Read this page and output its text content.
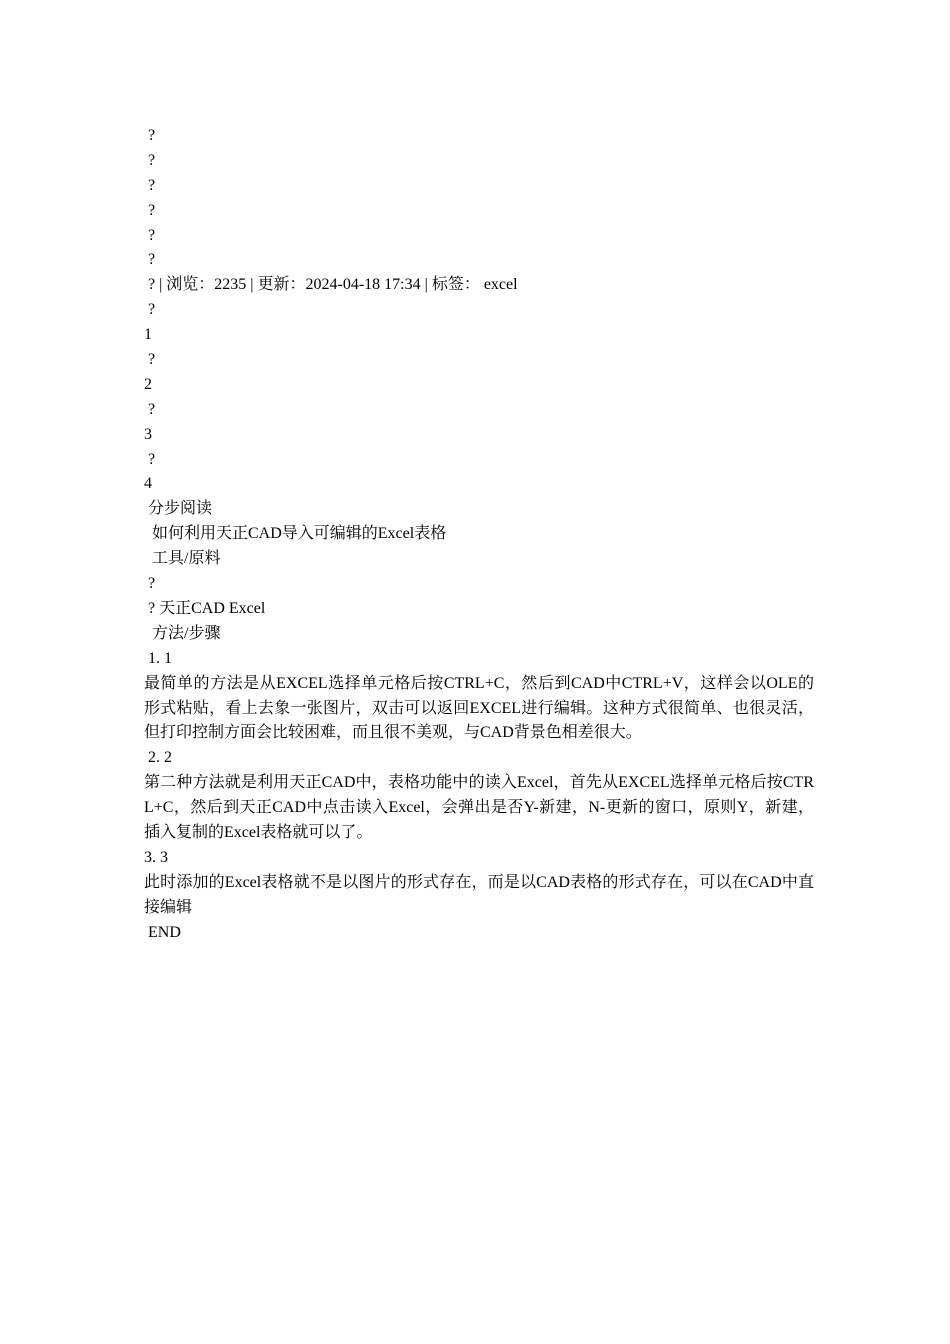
?
?
?
?
?
?
? | 浏览：2235 | 更新：2024-04-18 17:34 | 标签： excel
?
1
?
2
?
3
?
4
分步阅读
如何利用天正CAD导入可编辑的Excel表格
工具/原料
?
? 天正CAD Excel
方法/步骤
1. 1
最简单的方法是从EXCEL选择单元格后按CTRL+C，然后到CAD中CTRL+V，这样会以OLE的形式粘贴，看上去象一张图片，双击可以返回EXCEL进行编辑。这种方式很简单、也很灵活，但打印控制方面会比较困难，而且很不美观，与CAD背景色相差很大。
2. 2
第二种方法就是利用天正CAD中，表格功能中的读入Excel，首先从EXCEL选择单元格后按CTRL+C，然后到天正CAD中点击读入Excel，会弹出是否Y-新建，N-更新的窗口，原则Y，新建，插入复制的Excel表格就可以了。
3. 3
此时添加的Excel表格就不是以图片的形式存在，而是以CAD表格的形式存在，可以在CAD中直接编辑
END
